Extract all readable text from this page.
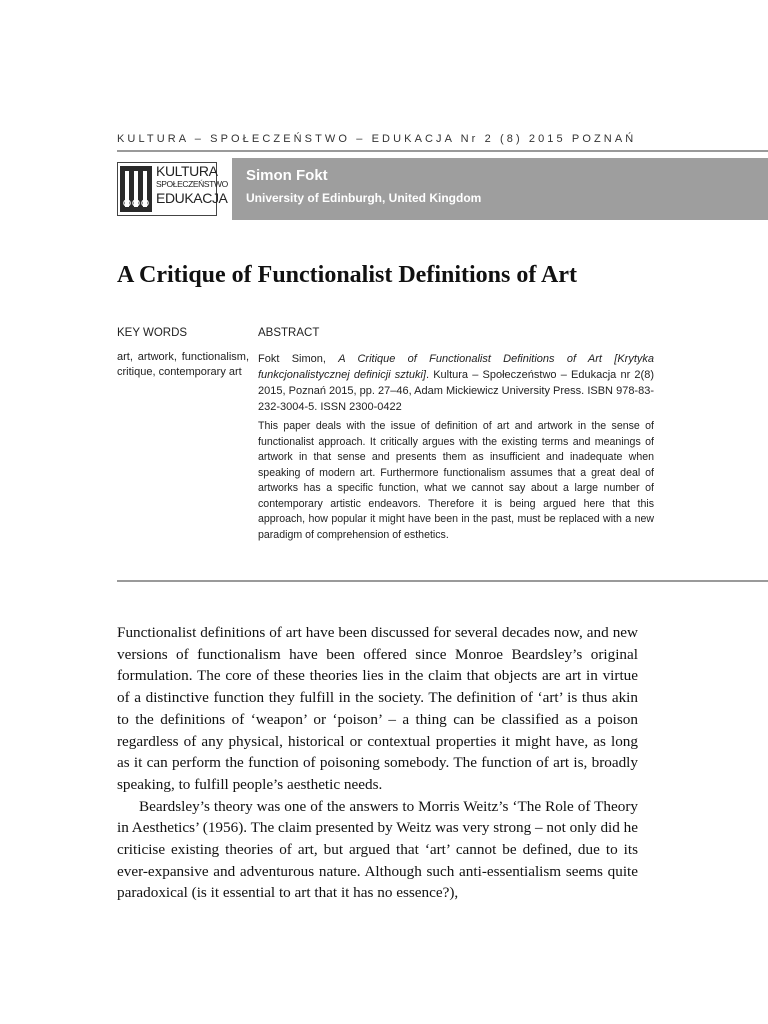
KULTURA – SPOŁECZEŃSTWO – EDUKACJA Nr 2 (8) 2015 POZNAŃ
KULTURA
SPOŁECZEŃSTWO
EDUKACJA
Simon Fokt
University of Edinburgh, United Kingdom
A Critique of Functionalist Definitions of Art
KEY WORDS	ABSTRACT
art, artwork, functionalism, critique, contemporary art
Fokt Simon, A Critique of Functionalist Definitions of Art [Krytyka funkcjonalistycznej definicji sztuki]. Kultura – Społeczeństwo – Edukacja nr 2(8) 2015, Poznań 2015, pp. 27–46, Adam Mickiewicz University Press. ISBN 978-83-232-3004-5. ISSN 2300-0422
This paper deals with the issue of definition of art and artwork in the sense of functionalist approach. It critically argues with the existing terms and meanings of artwork in that sense and presents them as insufficient and inadequate when speaking of modern art. Furthermore functionalism assumes that a great deal of artworks has a specific function, what we cannot say about a large number of contemporary artistic endeavors. Therefore it is being argued here that this approach, how popular it might have been in the past, must be replaced with a new paradigm of comprehension of esthetics.

Functionalist definitions of art have been discussed for several decades now, and new versions of functionalism have been offered since Monroe Beardsley’s original formulation. The core of these theories lies in the claim that objects are art in virtue of a distinctive function they fulfill in the society. The definition of ‘art’ is thus akin to the definitions of ‘weapon’ or ‘poison’ – a thing can be classified as a poison regardless of any physical, historical or contextual properties it might have, as long as it can perform the function of poisoning somebody. The function of art is, broadly speaking, to fulfill people’s aesthetic needs.

Beardsley’s theory was one of the answers to Morris Weitz’s ‘The Role of Theory in Aesthetics’ (1956). The claim presented by Weitz was very strong – not only did he criticise existing theories of art, but argued that ‘art’ cannot be defined, due to its ever-expansive and adventurous nature. Although such anti-essentialism seems quite paradoxical (is it essential to art that it has no essence?),
